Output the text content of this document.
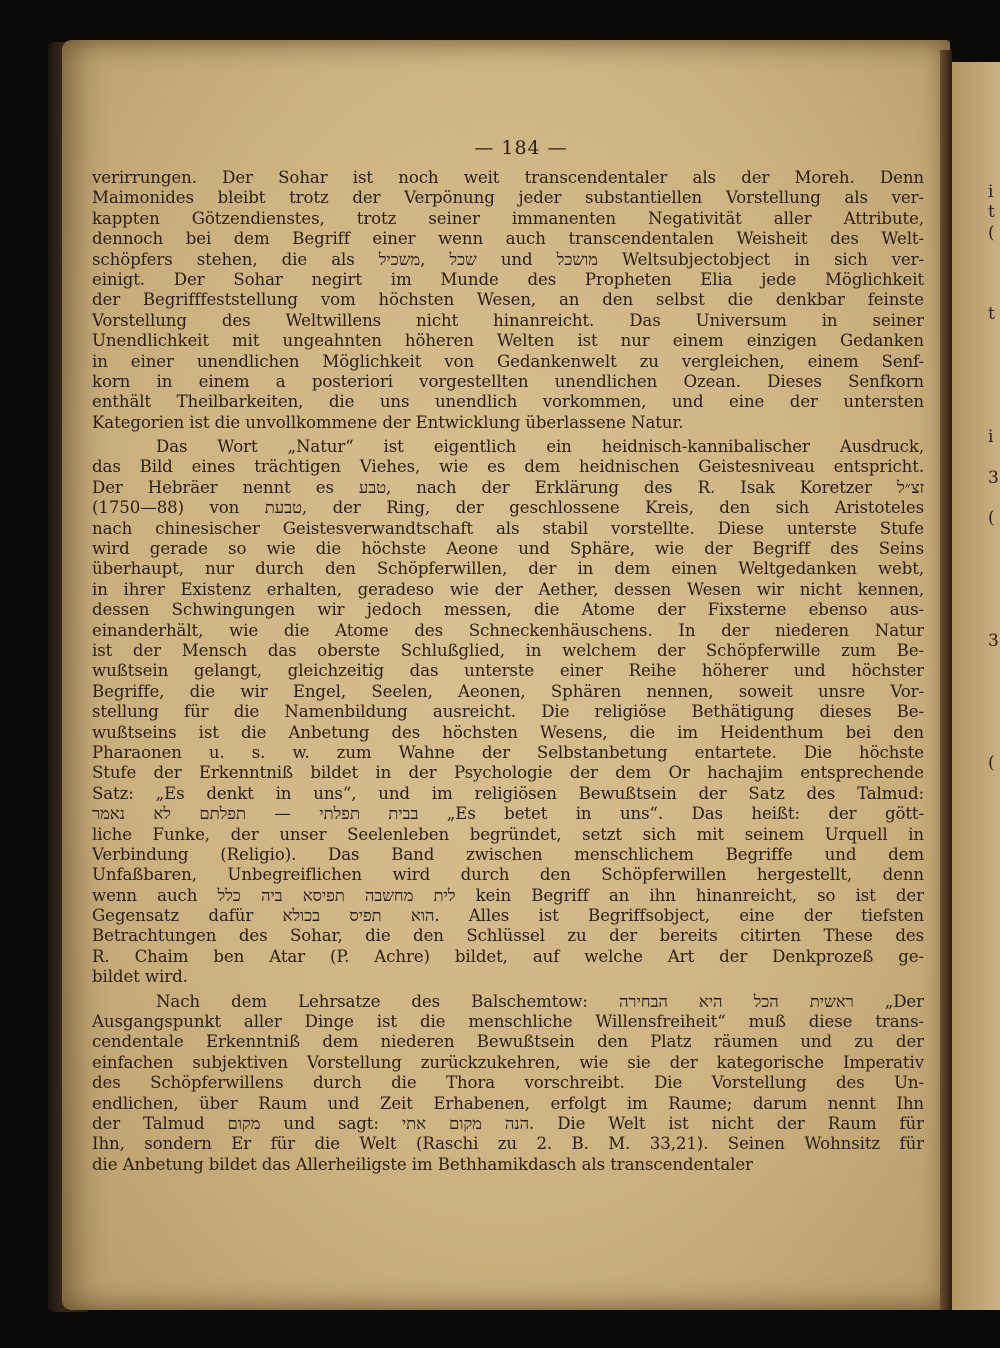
i
t
(
t
i
3
(
3
(
— 184 —
verirrungen. Der Sohar ist noch weit transcendentaler als der Moreh. Denn
Maimonides bleibt trotz der Verpönung jeder substantiellen Vorstellung als ver-
kappten Götzendienstes, trotz seiner immanenten Negativität aller Attribute,
dennoch bei dem Begriff einer wenn auch transcendentalen Weisheit des Welt-
schöpfers stehen, die als שכל ,משכיל und מושכל Weltsubjectobject in sich ver-
einigt. Der Sohar negirt im Munde des Propheten Elia jede Möglichkeit
der Begrifffeststellung vom höchsten Wesen, an den selbst die denkbar feinste
Vorstellung des Weltwillens nicht hinanreicht. Das Universum in seiner
Unendlichkeit mit ungeahnten höheren Welten ist nur einem einzigen Gedanken
in einer unendlichen Möglichkeit von Gedankenwelt zu vergleichen, einem Senf-
korn in einem a posteriori vorgestellten unendlichen Ozean. Dieses Senfkorn
enthält Theilbarkeiten, die uns unendlich vorkommen, und eine der untersten
Kategorien ist die unvollkommene der Entwicklung überlassene Natur.
Das Wort „Natur“ ist eigentlich ein heidnisch-kannibalischer Ausdruck,
das Bild eines trächtigen Viehes, wie es dem heidnischen Geistesniveau entspricht.
Der Hebräer nennt es טבע, nach der Erklärung des R. Isak Koretzer זצ״ל
(1750—88) von טבעת, der Ring, der geschlossene Kreis, den sich Aristoteles
nach chinesischer Geistesverwandtschaft als stabil vorstellte. Diese unterste Stufe
wird gerade so wie die höchste Aeone und Sphäre, wie der Begriff des Seins
überhaupt, nur durch den Schöpferwillen, der in dem einen Weltgedanken webt,
in ihrer Existenz erhalten, geradeso wie der Aether, dessen Wesen wir nicht kennen,
dessen Schwingungen wir jedoch messen, die Atome der Fixsterne ebenso aus-
einanderhält, wie die Atome des Schneckenhäuschens. In der niederen Natur
ist der Mensch das oberste Schlußglied, in welchem der Schöpferwille zum Be-
wußtsein gelangt, gleichzeitig das unterste einer Reihe höherer und höchster
Begriffe, die wir Engel, Seelen, Aeonen, Sphären nennen, soweit unsre Vor-
stellung für die Namenbildung ausreicht. Die religiöse Bethätigung dieses Be-
wußtseins ist die Anbetung des höchsten Wesens, die im Heidenthum bei den
Pharaonen u. s. w. zum Wahne der Selbstanbetung entartete. Die höchste
Stufe der Erkenntniß bildet in der Psychologie der dem Or hachajim entsprechende
Satz: „Es denkt in uns“, und im religiösen Bewußtsein der Satz des Talmud:
בבית תפלתי — תפלתם לא נאמר „Es betet in uns“. Das heißt: der gött-
liche Funke, der unser Seelenleben begründet, setzt sich mit seinem Urquell in
Verbindung (Religio). Das Band zwischen menschlichem Begriffe und dem
Unfaßbaren, Unbegreiflichen wird durch den Schöpferwillen hergestellt, denn
wenn auch לית מחשבה תפיסא ביה כלל kein Begriff an ihn hinanreicht, so ist der
Gegensatz dafür הוא תפיס בכולא. Alles ist Begriffsobject, eine der tiefsten
Betrachtungen des Sohar, die den Schlüssel zu der bereits citirten These des
R. Chaim ben Atar (P. Achre) bildet, auf welche Art der Denkprozeß ge-
bildet wird.
Nach dem Lehrsatze des Balschemtow: ראשית הכל היא הבחירה „Der
Ausgangspunkt aller Dinge ist die menschliche Willensfreiheit“ muß diese trans-
cendentale Erkenntniß dem niederen Bewußtsein den Platz räumen und zu der
einfachen subjektiven Vorstellung zurückzukehren, wie sie der kategorische Imperativ
des Schöpferwillens durch die Thora vorschreibt. Die Vorstellung des Un-
endlichen, über Raum und Zeit Erhabenen, erfolgt im Raume; darum nennt Ihn
der Talmud מקום und sagt: הנה מקום אתי. Die Welt ist nicht der Raum für
Ihn, sondern Er für die Welt (Raschi zu 2. B. M. 33,21). Seinen Wohnsitz für
die Anbetung bildet das Allerheiligste im Bethhamikdasch als transcendentaler
